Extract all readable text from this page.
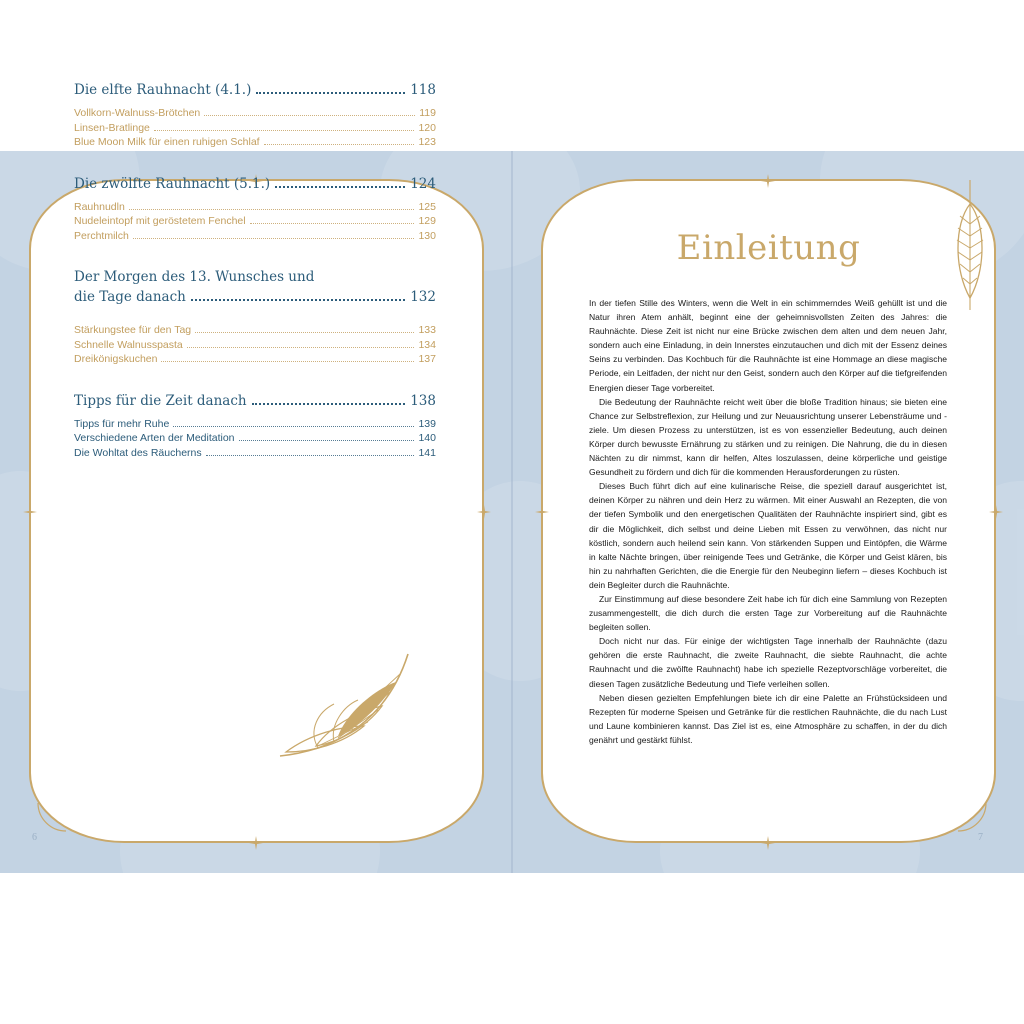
Die elfte Rauhnacht (4.1.)	118
Vollkorn-Walnuss-Brötchen	119
Linsen-Bratlinge	120
Blue Moon Milk für einen ruhigen Schlaf	123
Die zwölfte Rauhnacht (5.1.)	124
Rauhnudln	125
Nudeleintopf mit geröstetem Fenchel	129
Perchtmilch	130
Der Morgen des 13. Wunsches und
die Tage danach	132
Stärkungstee für den Tag	133
Schnelle Walnusspasta	134
Dreikönigskuchen	137
Tipps für die Zeit danach	138
Tipps für mehr Ruhe	139
Verschiedene Arten der Meditation	140
Die Wohltat des Räucherns	141
Einleitung

In der tiefen Stille des Winters, wenn die Welt in ein schimmerndes Weiß gehüllt ist und die Natur ihren Atem anhält, beginnt eine der geheimnisvollsten Zeiten des Jahres: die Rauhnächte. Diese Zeit ist nicht nur eine Brücke zwischen dem alten und dem neuen Jahr, sondern auch eine Einladung, in dein Innerstes einzutauchen und dich mit der Essenz deines Seins zu verbinden. Das Kochbuch für die Rauhnächte ist eine Hommage an diese magische Periode, ein Leitfaden, der nicht nur den Geist, sondern auch den Körper auf die tiefgreifenden Energien dieser Tage vorbereitet.

Die Bedeutung der Rauhnächte reicht weit über die bloße Tradition hinaus; sie bieten eine Chance zur Selbstreflexion, zur Heilung und zur Neuausrichtung unserer Lebensträume und -ziele. Um diesen Prozess zu unterstützen, ist es von essenzieller Bedeutung, auch deinen Körper durch bewusste Ernährung zu stärken und zu reinigen. Die Nahrung, die du in diesen Nächten zu dir nimmst, kann dir helfen, Altes loszulassen, deine körperliche und geistige Gesundheit zu fördern und dich für die kommenden Herausforderungen zu rüsten.

Dieses Buch führt dich auf eine kulinarische Reise, die speziell darauf ausgerichtet ist, deinen Körper zu nähren und dein Herz zu wärmen. Mit einer Auswahl an Rezepten, die von der tiefen Symbolik und den energetischen Qualitäten der Rauhnächte inspiriert sind, gibt es dir die Möglichkeit, dich selbst und deine Lieben mit Essen zu verwöhnen, das nicht nur köstlich, sondern auch heilend sein kann. Von stärkenden Suppen und Eintöpfen, die Wärme in kalte Nächte bringen, über reinigende Tees und Getränke, die Körper und Geist klären, bis hin zu nahrhaften Gerichten, die die Energie für den Neubeginn liefern – dieses Kochbuch ist dein Begleiter durch die Rauhnächte.

Zur Einstimmung auf diese besondere Zeit habe ich für dich eine Sammlung von Rezepten zusammengestellt, die dich durch die ersten Tage zur Vorbereitung auf die Rauhnächte begleiten sollen.

Doch nicht nur das. Für einige der wichtigsten Tage innerhalb der Rauhnächte (dazu gehören die erste Rauhnacht, die zweite Rauhnacht, die siebte Rauhnacht, die achte Rauhnacht und die zwölfte Rauhnacht) habe ich spezielle Rezeptvorschläge vorbereitet, die diesen Tagen zusätzliche Bedeutung und Tiefe verleihen sollen.

Neben diesen gezielten Empfehlungen biete ich dir eine Palette an Frühstücksideen und Rezepten für moderne Speisen und Getränke für die restlichen Rauhnächte, die du nach Lust und Laune kombinieren kannst. Das Ziel ist es, eine Atmosphäre zu schaffen, in der du dich genährt und gestärkt fühlst.

6	7
